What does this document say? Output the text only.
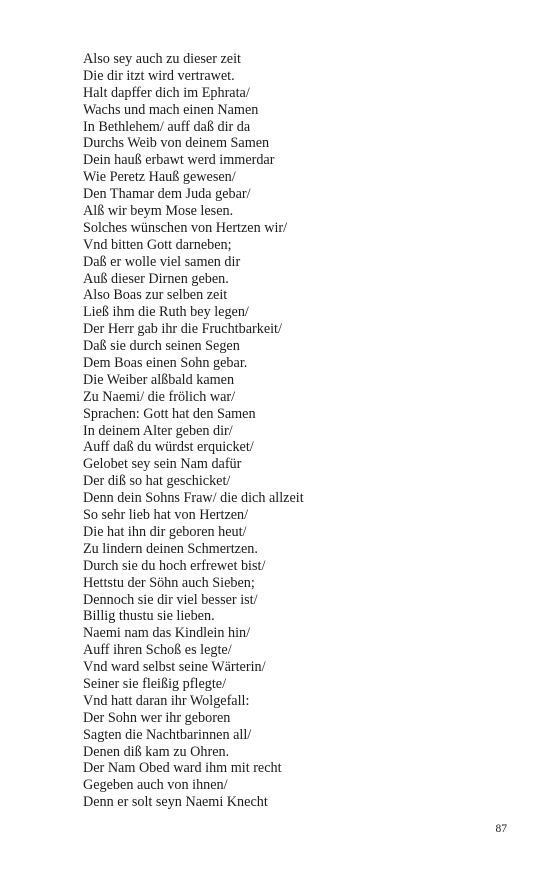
Also sey auch zu dieser zeit
Die dir itzt wird vertrawet.
Halt dapffer dich im Ephrata/
Wachs und mach einen Namen
In Bethlehem/ auff daß dir da
Durchs Weib von deinem Samen
Dein hauß erbawt werd immerdar
Wie Peretz Hauß gewesen/
Den Thamar dem Juda gebar/
Alß wir beym Mose lesen.
Solches wünschen von Hertzen wir/
Vnd bitten Gott darneben;
Daß er wolle viel samen dir
Auß dieser Dirnen geben.
Also Boas zur selben zeit
Ließ ihm die Ruth bey legen/
Der Herr gab ihr die Fruchtbarkeit/
Daß sie durch seinen Segen
Dem Boas einen Sohn gebar.
Die Weiber alßbald kamen
Zu Naemi/ die frölich war/
Sprachen: Gott hat den Samen
In deinem Alter geben dir/
Auff daß du würdst erquicket/
Gelobet sey sein Nam dafür
Der diß so hat geschicket/
Denn dein Sohns Fraw/ die dich allzeit
So sehr lieb hat von Hertzen/
Die hat ihn dir geboren heut/
Zu lindern deinen Schmertzen.
Durch sie du hoch erfrewet bist/
Hettstu der Söhn auch Sieben;
Dennoch sie dir viel besser ist/
Billig thustu sie lieben.
Naemi nam das Kindlein hin/
Auff ihren Schoß es legte/
Vnd ward selbst seine Wärterin/
Seiner sie fleißig pflegte/
Vnd hatt daran ihr Wolgefall:
Der Sohn wer ihr geboren
Sagten die Nachtbarinnen all/
Denen diß kam zu Ohren.
Der Nam Obed ward ihm mit recht
Gegeben auch von ihnen/
Denn er solt seyn Naemi Knecht
87
